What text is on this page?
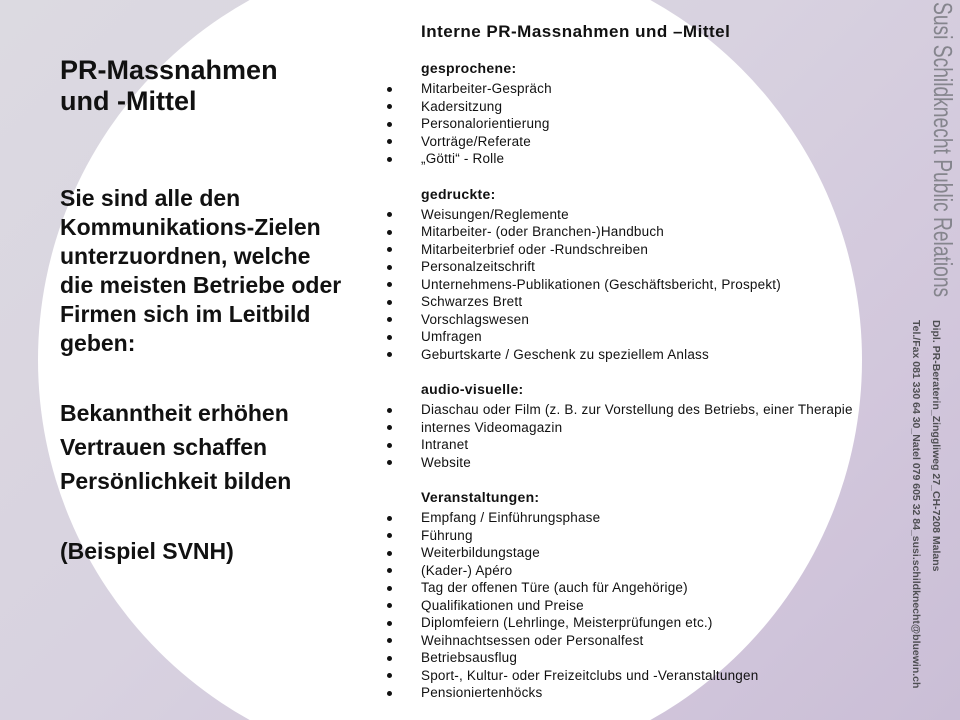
PR-Massnahmen
und -Mittel
Sie sind alle den
Kommunikations-Zielen
unterzuordnen, welche
die meisten Betriebe oder
Firmen sich im Leitbild
geben:
Bekanntheit erhöhen
Vertrauen schaffen
Persönlichkeit bilden
(Beispiel SVNH)
Interne PR-Massnahmen und –Mittel
gesprochene:
Mitarbeiter-Gespräch
Kadersitzung
Personalorientierung
Vorträge/Referate
„Götti“ - Rolle
gedruckte:
Weisungen/Reglemente
Mitarbeiter- (oder Branchen-)Handbuch
Mitarbeiterbrief oder -Rundschreiben
Personalzeitschrift
Unternehmens-Publikationen (Geschäftsbericht, Prospekt)
Schwarzes Brett
Vorschlagswesen
Umfragen
Geburtskarte / Geschenk zu speziellem Anlass
audio-visuelle:
Diaschau oder Film (z. B. zur Vorstellung des Betriebs, einer Therapie
internes Videomagazin
Intranet
Website
Veranstaltungen:
Empfang / Einführungsphase
Führung
Weiterbildungstage
(Kader-) Apéro
Tag der offenen Türe (auch für Angehörige)
Qualifikationen und Preise
Diplomfeiern (Lehrlinge, Meisterprüfungen etc.)
Weihnachtsessen oder Personalfest
Betriebsausflug
Sport-, Kultur- oder Freizeitclubs und -Veranstaltungen
Pensioniertenhöcks
Susi Schildknecht Public Relations
Dipl. PR-Beraterin_Zinggliweg 27_CH-7208 Malans
Tel./Fax 081 330 64 30_Natel 079 605 32 84_susi.schildknecht@bluewin.ch
